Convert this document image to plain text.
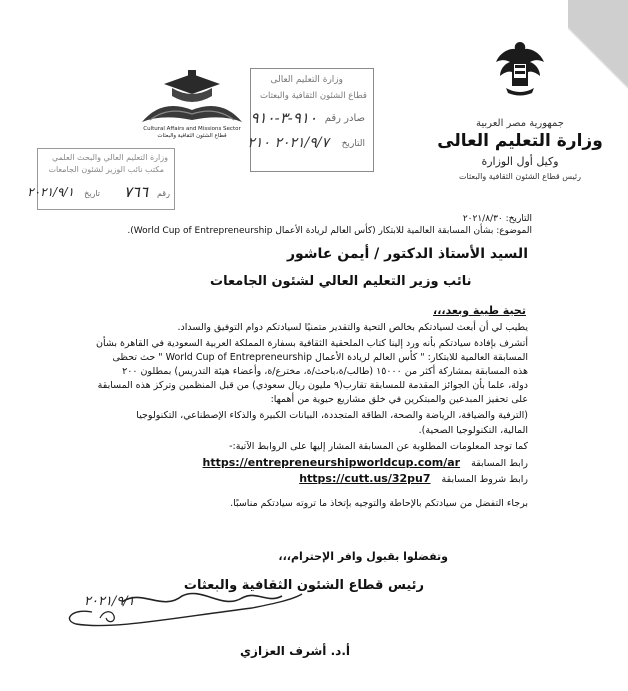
جمهورية مصر العربية
وزارة التعليم العالى
وكيل أول الوزارة
رئيس قطاع الشئون الثقافية والبعثات
Cultural Affairs and Missions Sector
قطاع الشئون الثقافية والبعثات
وزارة التعليم العالى
قطاع الشئون الثقافية والبعثات
صادر رقم
٩١٠-٣-٩١٠
التاريخ
٢٠٢١/٩/٧ ٢١٠
وزارة التعليم العالي والبحث العلمي
مكتب نائب الوزير لشئون الجامعات
رقم
٧٦٦
تاريخ
٢٠٢١/٩/١
التاريخ: ٢٠٢١/٨/٣٠
الموضوع: بشأن المسابقة العالمية للابتكار (كأس العالم لريادة الأعمال World Cup of Entrepreneurship).
السيد الأستاذ الدكتور / أيمن عاشور
نائب وزير التعليم العالي لشئون الجامعات
تحية طيبة وبعد،،،

يطيب لي أن أبعث لسيادتكم بخالص التحية والتقدير متمنيًا لسيادتكم دوام التوفيق والسداد.

أتشرف بإفادة سيادتكم بأنه ورد إلينا كتاب الملحقية الثقافية بسفارة المملكة العربية السعودية في القاهرة بشأن

المسابقة العالمية للابتكار: " كأس العالم لريادة الأعمال World Cup of Entrepreneurship " حث تحظى

هذه المسابقة بمشاركة أكثر من ١٥٠٠٠ (طالب/ة،باحث/ة، مخترع/ة، وأعضاء هيئة التدريس) بمطلون ٢٠٠

دولة، علما بأن الجوائز المقدمة للمسابقة تقارب(٩ مليون ريال سعودي) من قبل المنظمين وتركز هذه المسابقة

على تحفيز المبدعين والمبتكرين في خلق مشاريع حيوية من أهمها:

(الترفية والضيافة، الرياضة والصحة، الطاقة المتجددة، البيانات الكبيرة والذكاء الإصطناعي، التكنولوجيا

المالية، التكنولوجيا الصحية).

كما توجد المعلومات المطلوبة عن المسابقة المشار إليها على الروابط الآتية:-

رابط المسابقة https://entrepreneurshipworldcup.com/ar
رابط شروط المسابقة https://cutt.us/32pu7

برجاء التفضل من سيادتكم بالإحاطة والتوجيه بإتخاذ ما تروته سيادتكم مناسبًا.

وتفضلوا بقبول وافر الإحترام،،،
رئيس قطاع الشئون الثقافية والبعثات
٢٠٢١/٩/١
أ.د. أشرف العزازي
